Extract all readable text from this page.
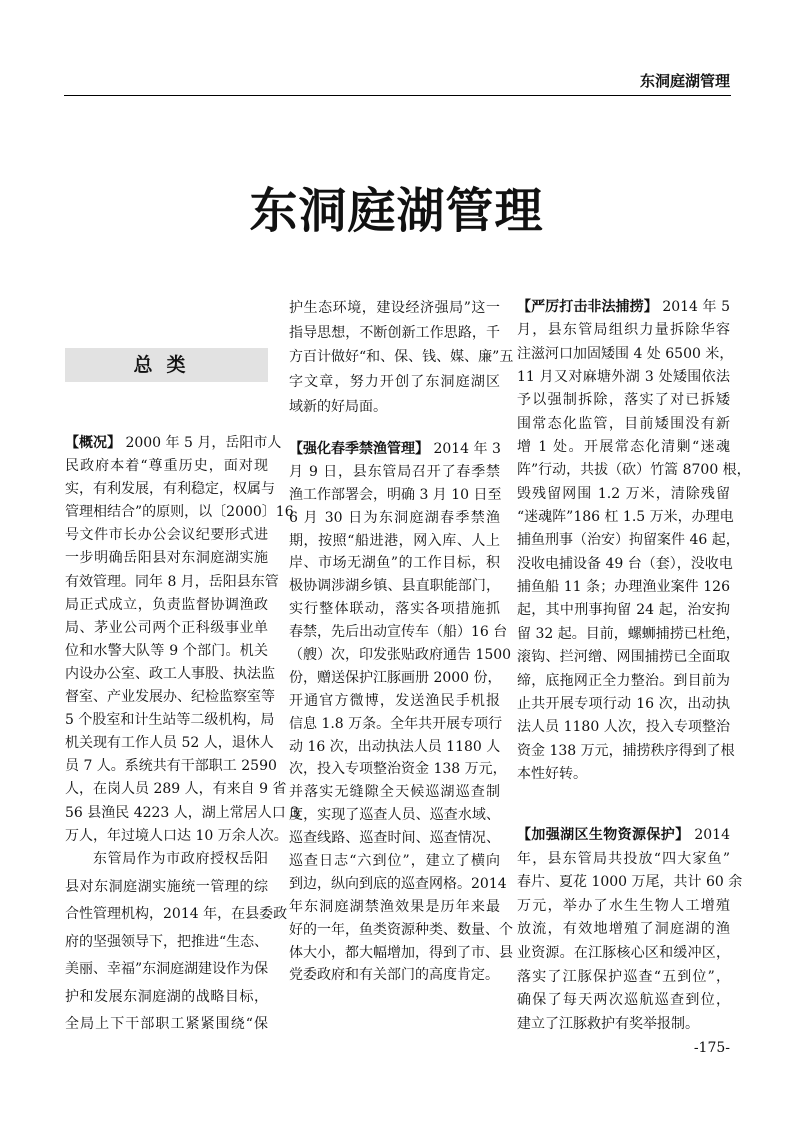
东洞庭湖管理
东洞庭湖管理
总类
【概况】 2000 年 5 月，岳阳市人
民政府本着“尊重历史，面对现
实，有利发展，有利稳定，权属与
管理相结合”的原则，以〔2000〕16
号文件市长办公会议纪要形式进
一步明确岳阳县对东洞庭湖实施
有效管理。同年 8 月，岳阳县东管
局正式成立，负责监督协调渔政
局、茅业公司两个正科级事业单
位和水警大队等 9 个部门。机关
内设办公室、政工人事股、执法监
督室、产业发展办、纪检监察室等
5 个股室和计生站等二级机构，局
机关现有工作人员 52 人，退休人
员 7 人。系统共有干部职工 2590
人，在岗人员 289 人，有来自 9 省
56 县渔民 4223 人，湖上常居人口 3
万人，年过境人口达 10 万余人次。
东管局作为市政府授权岳阳
县对东洞庭湖实施统一管理的综
合性管理机构，2014 年，在县委政
府的坚强领导下，把推进“生态、
美丽、幸福”东洞庭湖建设作为保
护和发展东洞庭湖的战略目标，
全局上下干部职工紧紧围绕“保
护生态环境，建设经济强局”这一
指导思想，不断创新工作思路，千
方百计做好“和、保、钱、媒、廉”五
字文章，努力开创了东洞庭湖区
域新的好局面。
【强化春季禁渔管理】 2014 年 3
月 9 日，县东管局召开了春季禁
渔工作部署会，明确 3 月 10 日至
6 月 30 日为东洞庭湖春季禁渔
期，按照“船进港，网入库、人上
岸、市场无湖鱼”的工作目标，积
极协调涉湖乡镇、县直职能部门，
实行整体联动，落实各项措施抓
春禁，先后出动宣传车（船）16 台
（艘）次，印发张贴政府通告 1500
份，赠送保护江豚画册 2000 份，
开通官方微博，发送渔民手机报
信息 1.8 万条。全年共开展专项行
动 16 次，出动执法人员 1180 人
次，投入专项整治资金 138 万元，
并落实无缝隙全天候巡湖巡查制
度，实现了巡查人员、巡查水域、
巡查线路、巡查时间、巡查情况、
巡查日志“六到位”，建立了横向
到边，纵向到底的巡查网格。2014
年东洞庭湖禁渔效果是历年来最
好的一年，鱼类资源种类、数量、个
体大小，都大幅增加，得到了市、县
党委政府和有关部门的高度肯定。
【严厉打击非法捕捞】 2014 年 5
月，县东管局组织力量拆除华容
注滋河口加固矮围 4 处 6500 米，
11 月又对麻塘外湖 3 处矮围依法
予以强制拆除，落实了对已拆矮
围常态化监管，目前矮围没有新
增 1 处。开展常态化清剿“迷魂
阵”行动，共拔（砍）竹篙 8700 根，
毁残留网围 1.2 万米，清除残留
“迷魂阵”186 杠 1.5 万米，办理电
捕鱼刑事（治安）拘留案件 46 起，
没收电捕设备 49 台（套），没收电
捕鱼船 11 条；办理渔业案件 126
起，其中刑事拘留 24 起，治安拘
留 32 起。目前，螺蛳捕捞已杜绝，
滚钩、拦河缯、网围捕捞已全面取
缔，底拖网正全力整治。到目前为
止共开展专项行动 16 次，出动执
法人员 1180 人次，投入专项整治
资金 138 万元，捕捞秩序得到了根
本性好转。
【加强湖区生物资源保护】 2014
年，县东管局共投放“四大家鱼”
春片、夏花 1000 万尾，共计 60 余
万元，举办了水生生物人工增殖
放流，有效地增殖了洞庭湖的渔
业资源。在江豚核心区和缓冲区，
落实了江豚保护巡查“五到位”，
确保了每天两次巡航巡查到位，
建立了江豚救护有奖举报制。
-175-
